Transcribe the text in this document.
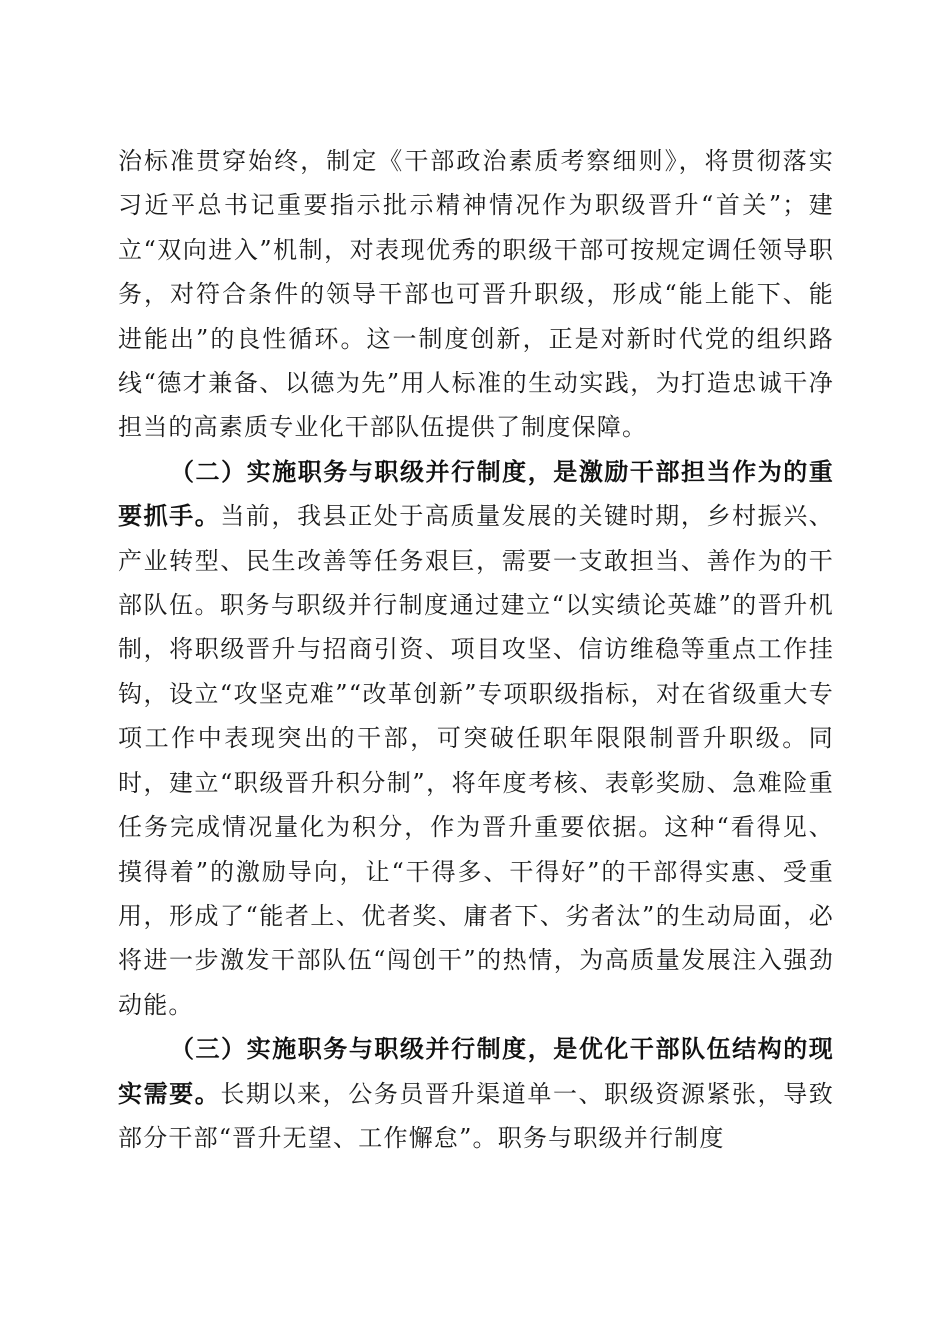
治标准贯穿始终，制定《干部政治素质考察细则》，将贯彻落实习近平总书记重要指示批示精神情况作为职级晋升“首关”；建立“双向进入”机制，对表现优秀的职级干部可按规定调任领导职务，对符合条件的领导干部也可晋升职级，形成“能上能下、能进能出”的良性循环。这一制度创新，正是对新时代党的组织路线“德才兼备、以德为先”用人标准的生动实践，为打造忠诚干净担当的高素质专业化干部队伍提供了制度保障。

（二）实施职务与职级并行制度，是激励干部担当作为的重要抓手。当前，我县正处于高质量发展的关键时期，乡村振兴、产业转型、民生改善等任务艰巨，需要一支敢担当、善作为的干部队伍。职务与职级并行制度通过建立“以实绩论英雄”的晋升机制，将职级晋升与招商引资、项目攻坚、信访维稳等重点工作挂钩，设立“攻坚克难”“改革创新”专项职级指标，对在省级重大专项工作中表现突出的干部，可突破任职年限限制晋升职级。同时，建立“职级晋升积分制”，将年度考核、表彰奖励、急难险重任务完成情况量化为积分，作为晋升重要依据。这种“看得见、摸得着”的激励导向，让“干得多、干得好”的干部得实惠、受重用，形成了“能者上、优者奖、庸者下、劣者汰”的生动局面，必将进一步激发干部队伍“闯创干”的热情，为高质量发展注入强劲动能。

（三）实施职务与职级并行制度，是优化干部队伍结构的现实需要。长期以来，公务员晋升渠道单一、职级资源紧张，导致部分干部“晋升无望、工作懈怠”。职务与职级并行制度
